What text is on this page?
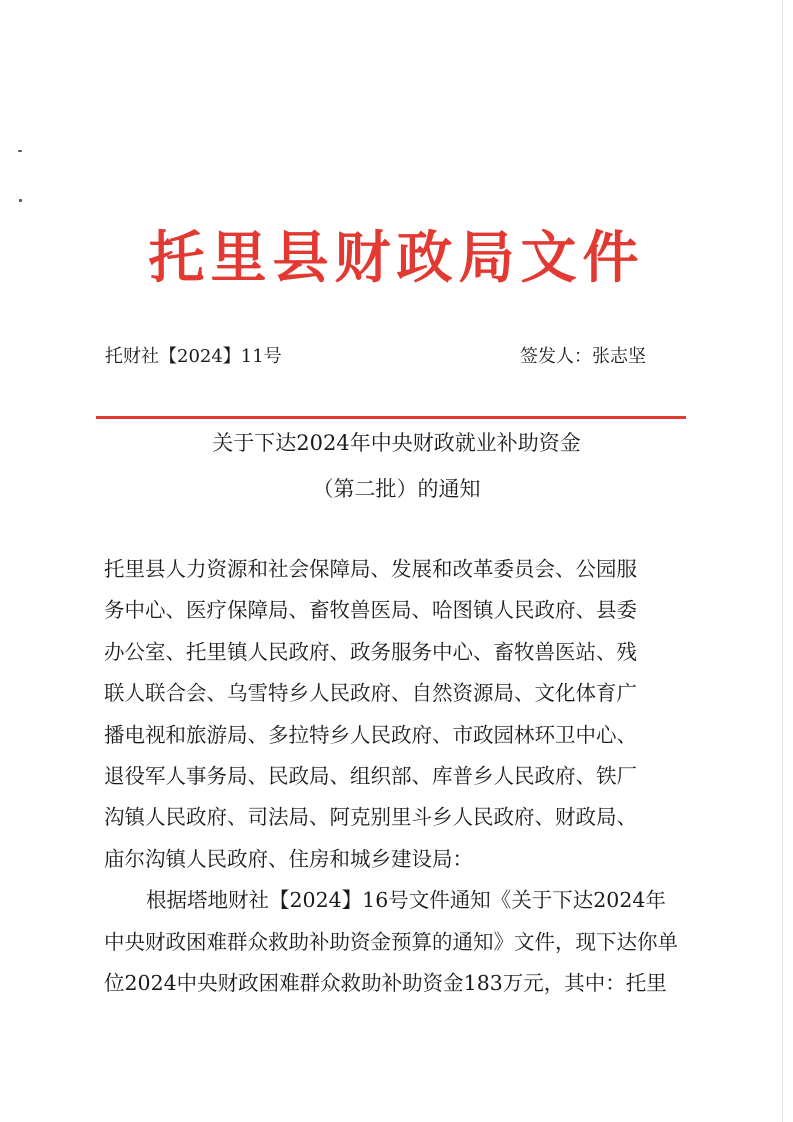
托里县财政局文件
托财社【2024】11号	签发人：张志坚
关于下达2024年中央财政就业补助资金
（第二批）的通知
托里县人力资源和社会保障局、发展和改革委员会、公园服
务中心、医疗保障局、畜牧兽医局、哈图镇人民政府、县委
办公室、托里镇人民政府、政务服务中心、畜牧兽医站、残
联人联合会、乌雪特乡人民政府、自然资源局、文化体育广
播电视和旅游局、多拉特乡人民政府、市政园林环卫中心、
退役军人事务局、民政局、组织部、库普乡人民政府、铁厂
沟镇人民政府、司法局、阿克别里斗乡人民政府、财政局、
庙尔沟镇人民政府、住房和城乡建设局：
根据塔地财社【2024】16号文件通知《关于下达2024年
中央财政困难群众救助补助资金预算的通知》文件，现下达你单
位2024中央财政困难群众救助补助资金183万元，其中：托里
